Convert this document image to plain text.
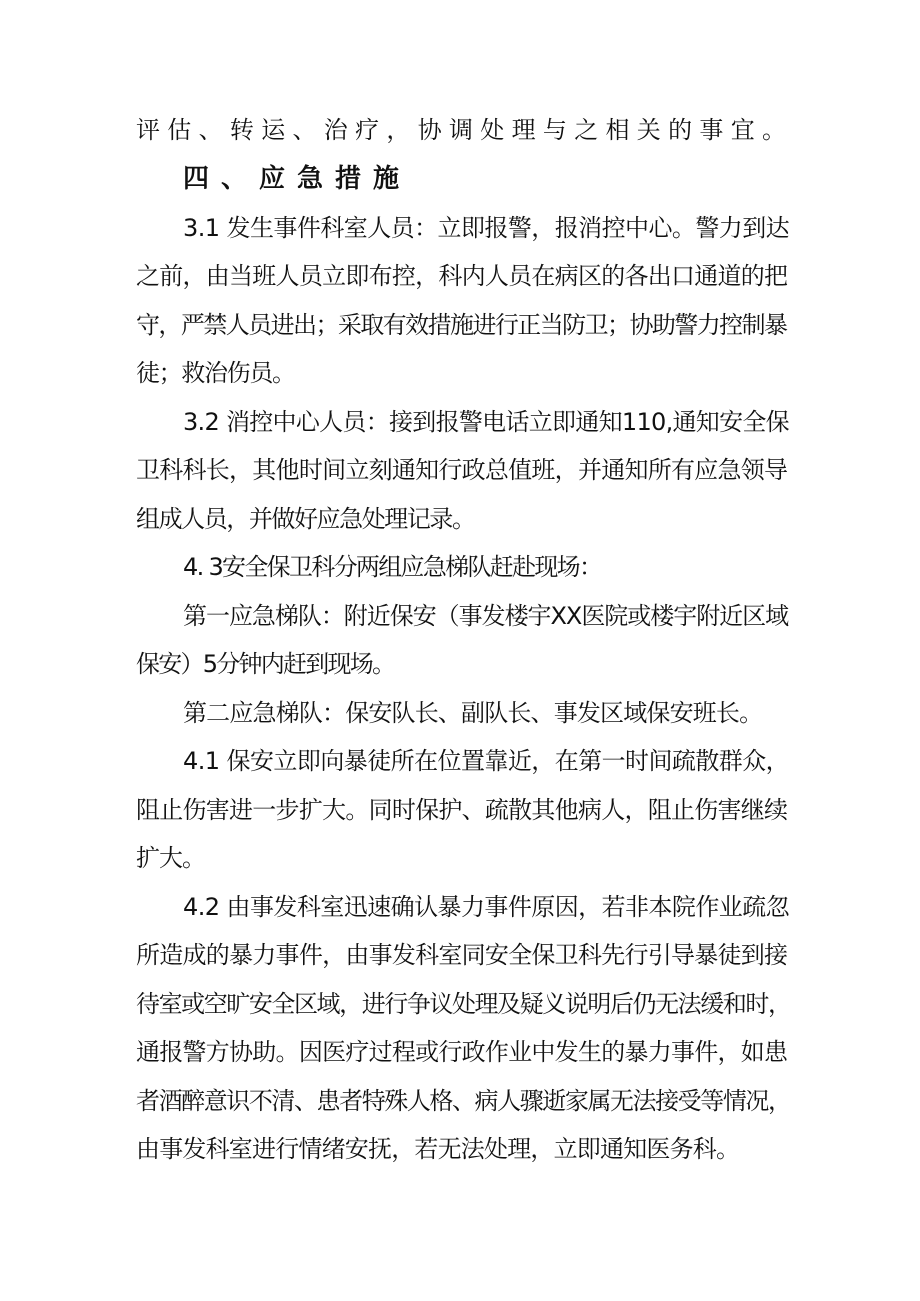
评估、转运、治疗，协调处理与之相关的事宜。
四、应急措施
3.1 发生事件科室人员：立即报警，报消控中心。警力到达
之前，由当班人员立即布控，科内人员在病区的各出口通道的把
守，严禁人员进出；采取有效措施进行正当防卫；协助警力控制暴
徒；救治伤员。
3.2 消控中心人员：接到报警电话立即通知110,通知安全保
卫科科长，其他时间立刻通知行政总值班，并通知所有应急领导
组成人员，并做好应急处理记录。
4. 3安全保卫科分两组应急梯队赶赴现场：
第一应急梯队：附近保安（事发楼宇XX医院或楼宇附近区域
保安）5分钟内赶到现场。
第二应急梯队：保安队长、副队长、事发区域保安班长。
4.1 保安立即向暴徒所在位置靠近，在第一时间疏散群众，
阻止伤害进一步扩大。同时保护、疏散其他病人，阻止伤害继续
扩大。
4.2 由事发科室迅速确认暴力事件原因，若非本院作业疏忽
所造成的暴力事件，由事发科室同安全保卫科先行引导暴徒到接
待室或空旷安全区域，进行争议处理及疑义说明后仍无法缓和时，
通报警方协助。因医疗过程或行政作业中发生的暴力事件，如患
者酒醉意识不清、患者特殊人格、病人骤逝家属无法接受等情况，
由事发科室进行情绪安抚，若无法处理，立即通知医务科。
